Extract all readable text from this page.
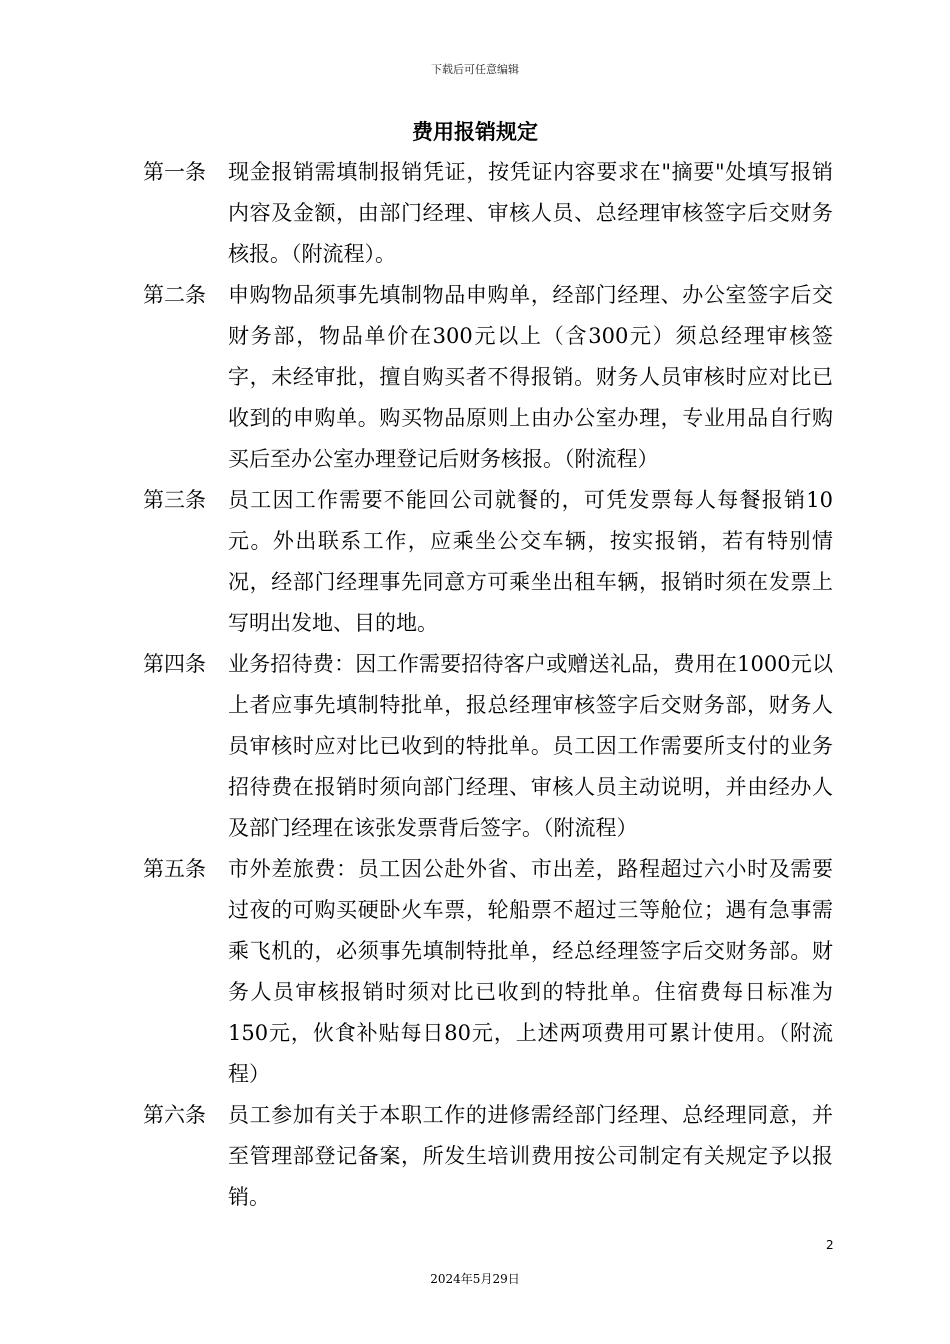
下载后可任意编辑
费用报销规定
第一条	现金报销需填制报销凭证，按凭证内容要求在"摘要"处填写报销内容及金额，由部门经理、审核人员、总经理审核签字后交财务核报。（附流程）。
第二条	申购物品须事先填制物品申购单，经部门经理、办公室签字后交财务部，物品单价在300元以上（含300元）须总经理审核签字，未经审批，擅自购买者不得报销。财务人员审核时应对比已收到的申购单。购买物品原则上由办公室办理，专业用品自行购买后至办公室办理登记后财务核报。（附流程）
第三条	员工因工作需要不能回公司就餐的，可凭发票每人每餐报销10元。外出联系工作，应乘坐公交车辆，按实报销，若有特别情况，经部门经理事先同意方可乘坐出租车辆，报销时须在发票上写明出发地、目的地。
第四条	业务招待费：因工作需要招待客户或赠送礼品，费用在1000元以上者应事先填制特批单，报总经理审核签字后交财务部，财务人员审核时应对比已收到的特批单。员工因工作需要所支付的业务招待费在报销时须向部门经理、审核人员主动说明，并由经办人及部门经理在该张发票背后签字。（附流程）
第五条	市外差旅费：员工因公赴外省、市出差，路程超过六小时及需要过夜的可购买硬卧火车票，轮船票不超过三等舱位；遇有急事需乘飞机的，必须事先填制特批单，经总经理签字后交财务部。财务人员审核报销时须对比已收到的特批单。住宿费每日标准为150元，伙食补贴每日80元，上述两项费用可累计使用。（附流程）
第六条	员工参加有关于本职工作的进修需经部门经理、总经理同意，并至管理部登记备案，所发生培训费用按公司制定有关规定予以报销。
2
2024年5月29日
